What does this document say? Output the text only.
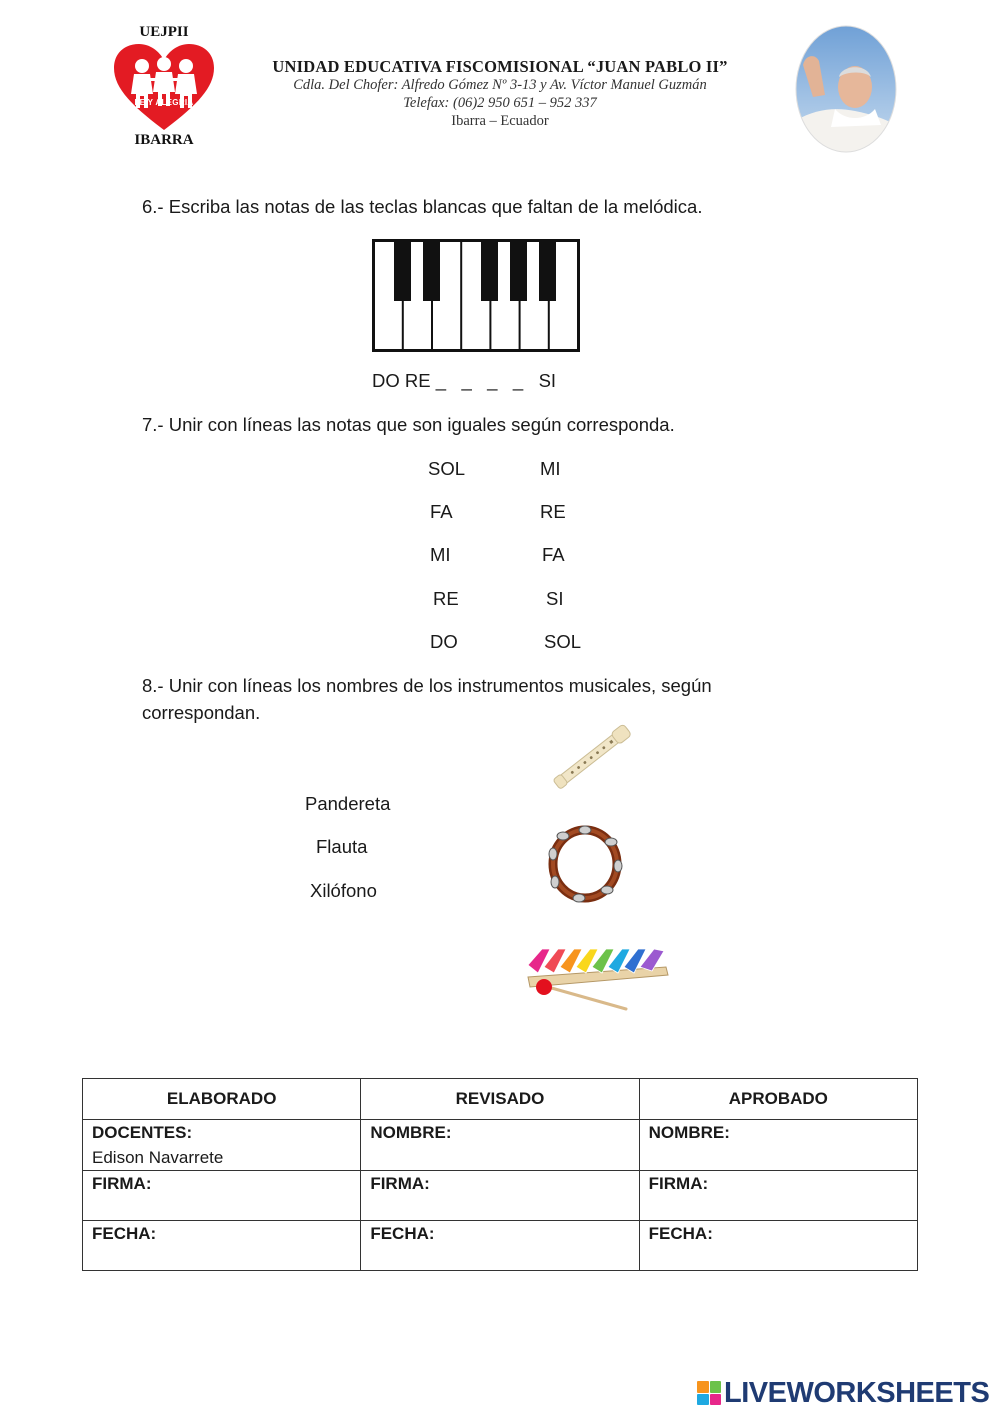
UEJPII
FE Y ALEGRIA
IBARRA
UNIDAD EDUCATIVA FISCOMISIONAL “JUAN PABLO II”
Cdla. Del Chofer: Alfredo Gómez Nº 3-13 y Av. Víctor Manuel Guzmán
Telefax: (06)2 950 651 – 952 337
Ibarra – Ecuador
6.- Escriba las notas de las teclas blancas que faltan de la melódica.
DO RE _   _   _   _   SI
7.- Unir con líneas las notas que son iguales según corresponda.
SOL
FA
MI
RE
DO
MI
RE
FA
SI
SOL
8.- Unir con líneas los nombres de los instrumentos musicales, según
correspondan.
Pandereta
Flauta
Xilófono
ELABORADO	REVISADO	APROBADO

DOCENTES:
Edison Navarrete	NOMBRE:	NOMBRE:

FIRMA:	FIRMA:	FIRMA:

FECHA:	FECHA:	FECHA:
LIVEWORKSHEETS
